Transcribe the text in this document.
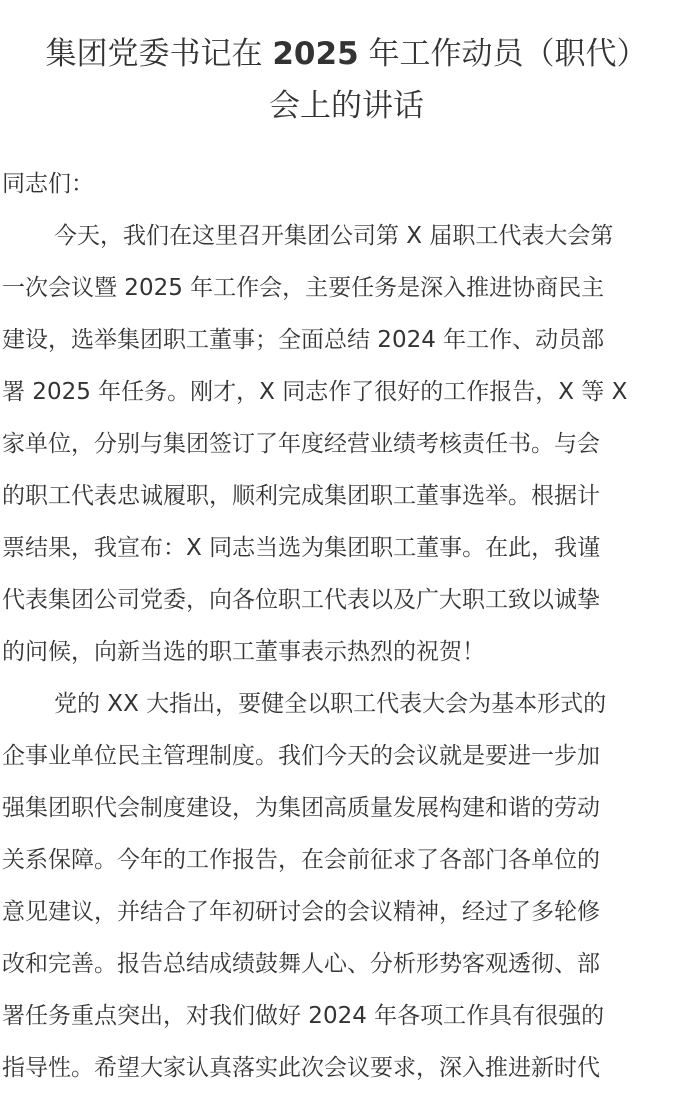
集团党委书记在 2025 年工作动员（职代）
会上的讲话
同志们：
今天，我们在这里召开集团公司第 X 届职工代表大会第
一次会议暨 2025 年工作会，主要任务是深入推进协商民主
建设，选举集团职工董事；全面总结 2024 年工作、动员部
署 2025 年任务。刚才，X 同志作了很好的工作报告，X 等 X
家单位，分别与集团签订了年度经营业绩考核责任书。与会
的职工代表忠诚履职，顺利完成集团职工董事选举。根据计
票结果，我宣布：X 同志当选为集团职工董事。在此，我谨
代表集团公司党委，向各位职工代表以及广大职工致以诚挚
的问候，向新当选的职工董事表示热烈的祝贺！
党的 XX 大指出，要健全以职工代表大会为基本形式的
企事业单位民主管理制度。我们今天的会议就是要进一步加
强集团职代会制度建设，为集团高质量发展构建和谐的劳动
关系保障。今年的工作报告，在会前征求了各部门各单位的
意见建议，并结合了年初研讨会的会议精神，经过了多轮修
改和完善。报告总结成绩鼓舞人心、分析形势客观透彻、部
署任务重点突出，对我们做好 2024 年各项工作具有很强的
指导性。希望大家认真落实此次会议要求，深入推进新时代
